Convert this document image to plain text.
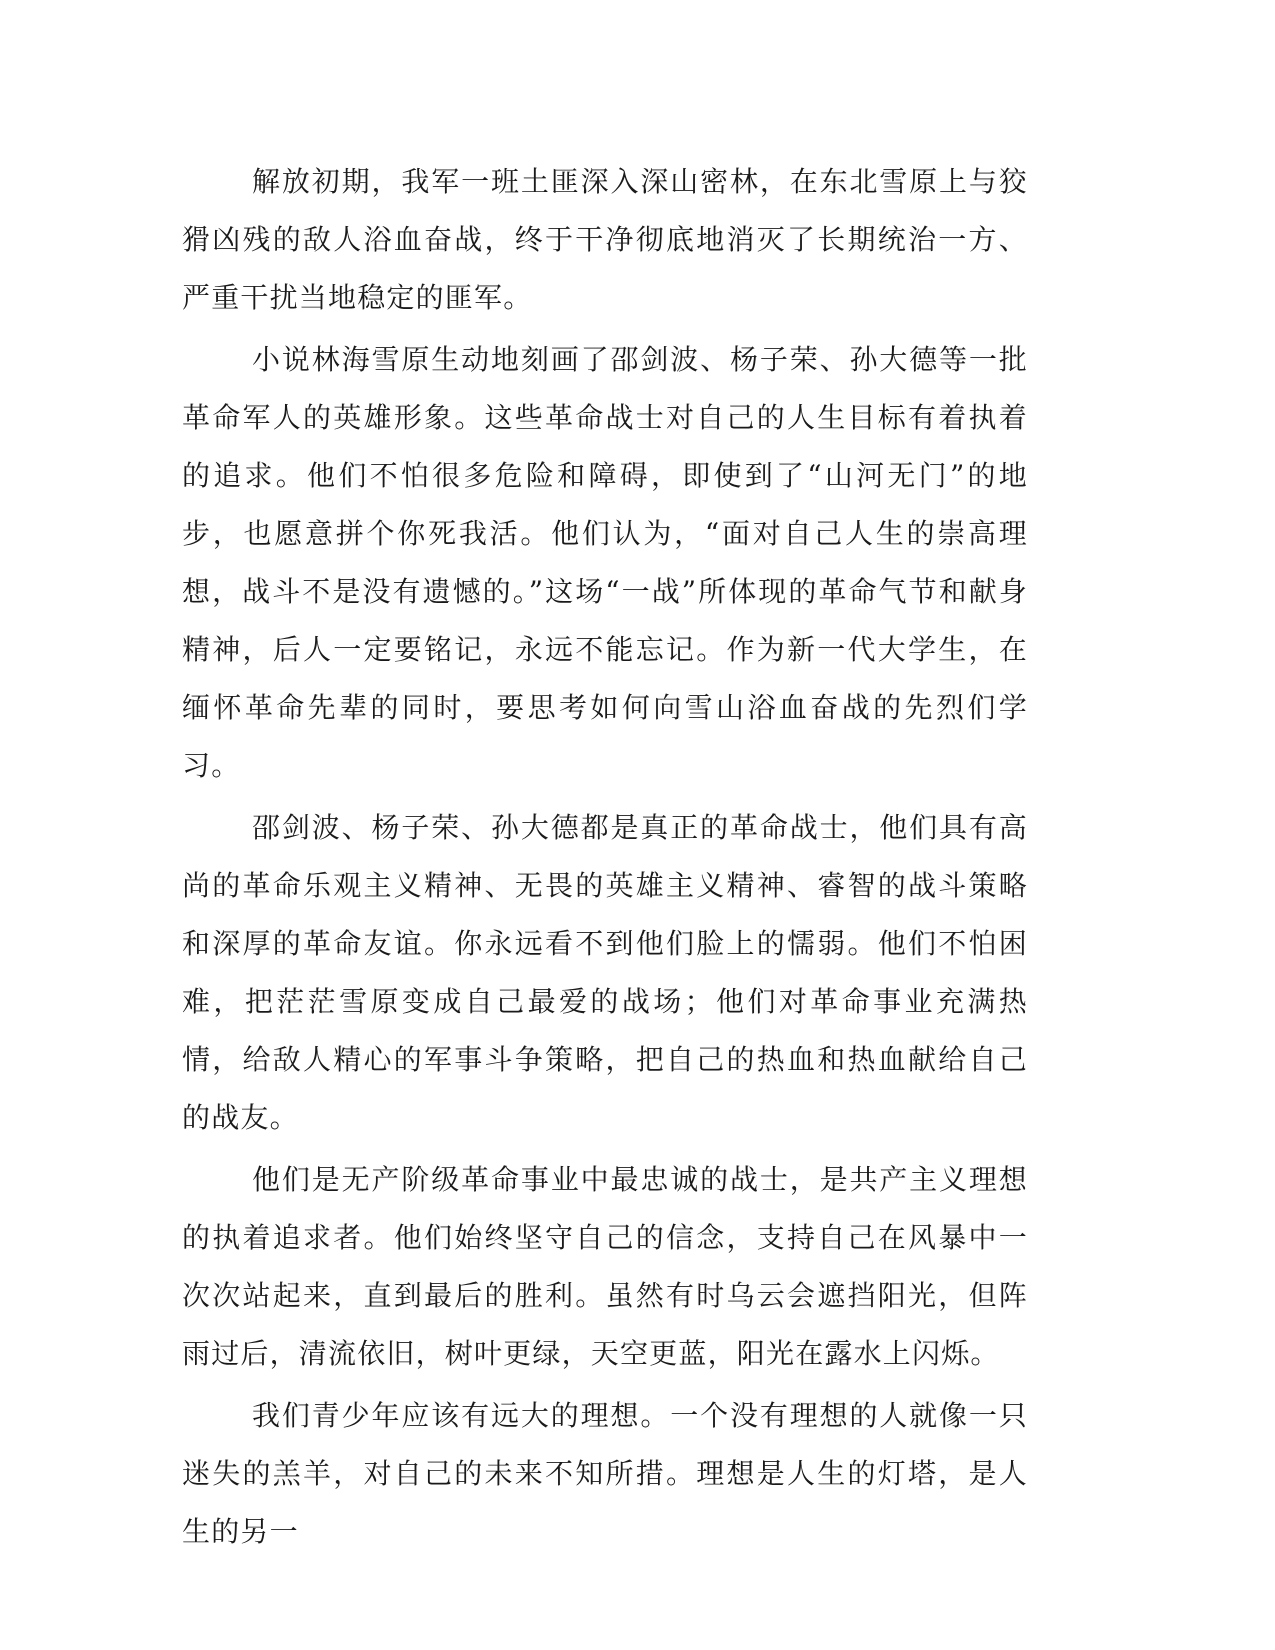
解放初期，我军一班土匪深入深山密林，在东北雪原上与狡猾凶残的敌人浴血奋战，终于干净彻底地消灭了长期统治一方、严重干扰当地稳定的匪军。

小说林海雪原生动地刻画了邵剑波、杨子荣、孙大德等一批革命军人的英雄形象。这些革命战士对自己的人生目标有着执着的追求。他们不怕很多危险和障碍，即使到了“山河无门”的地步，也愿意拼个你死我活。他们认为，“面对自己人生的崇高理想，战斗不是没有遗憾的。”这场“一战”所体现的革命气节和献身精神，后人一定要铭记，永远不能忘记。作为新一代大学生，在缅怀革命先辈的同时，要思考如何向雪山浴血奋战的先烈们学习。

邵剑波、杨子荣、孙大德都是真正的革命战士，他们具有高尚的革命乐观主义精神、无畏的英雄主义精神、睿智的战斗策略和深厚的革命友谊。你永远看不到他们脸上的懦弱。他们不怕困难，把茫茫雪原变成自己最爱的战场；他们对革命事业充满热情，给敌人精心的军事斗争策略，把自己的热血和热血献给自己的战友。

他们是无产阶级革命事业中最忠诚的战士，是共产主义理想的执着追求者。他们始终坚守自己的信念，支持自己在风暴中一次次站起来，直到最后的胜利。虽然有时乌云会遮挡阳光，但阵雨过后，清流依旧，树叶更绿，天空更蓝，阳光在露水上闪烁。

我们青少年应该有远大的理想。一个没有理想的人就像一只迷失的羔羊，对自己的未来不知所措。理想是人生的灯塔，是人生的另一
